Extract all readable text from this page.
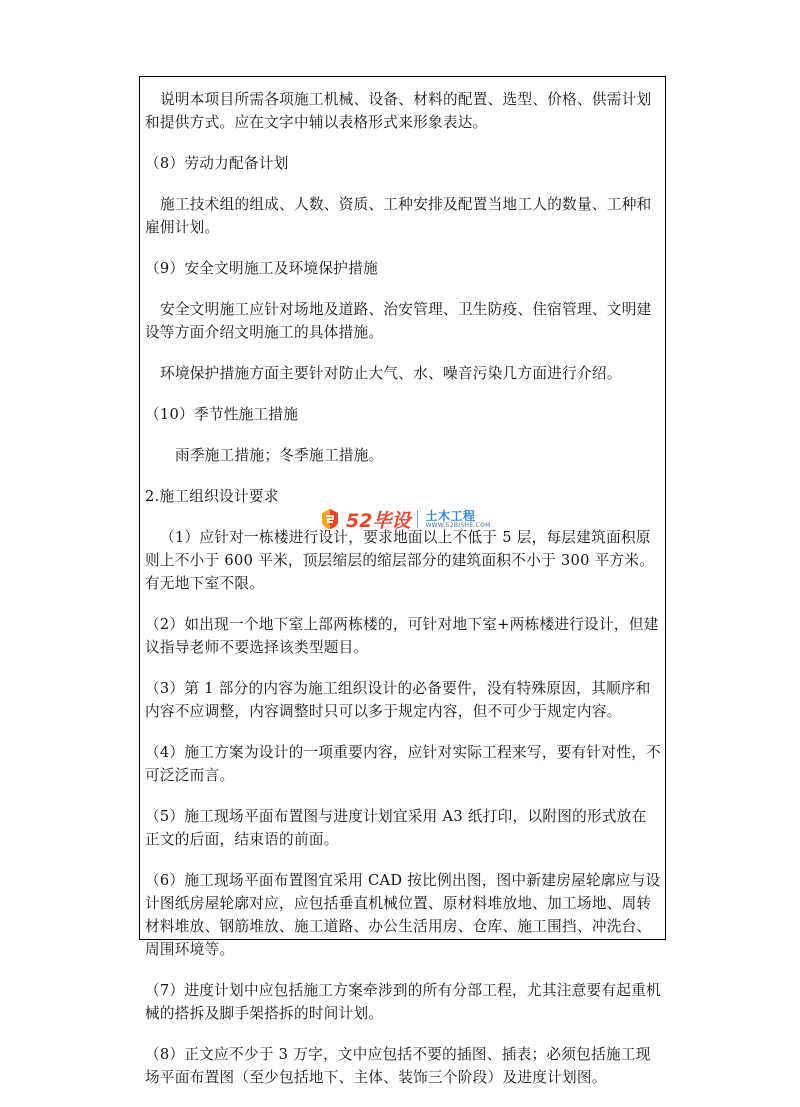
说明本项目所需各项施工机械、设备、材料的配置、选型、价格、供需计划和提供方式。应在文字中辅以表格形式来形象表达。

（8）劳动力配备计划

施工技术组的组成、人数、资质、工种安排及配置当地工人的数量、工种和雇佣计划。

（9）安全文明施工及环境保护措施

安全文明施工应针对场地及道路、治安管理、卫生防疫、住宿管理、文明建设等方面介绍文明施工的具体措施。

环境保护措施方面主要针对防止大气、水、噪音污染几方面进行介绍。

（10）季节性施工措施

雨季施工措施；冬季施工措施。

2.施工组织设计要求

（1）应针对一栋楼进行设计，要求地面以上不低于 5 层，每层建筑面积原则上不小于 600 平米，顶层缩层的缩层部分的建筑面积不小于 300 平方米。有无地下室不限。

（2）如出现一个地下室上部两栋楼的，可针对地下室+两栋楼进行设计，但建议指导老师不要选择该类型题目。

（3）第 1 部分的内容为施工组织设计的必备要件，没有特殊原因，其顺序和内容不应调整，内容调整时只可以多于规定内容，但不可少于规定内容。

（4）施工方案为设计的一项重要内容，应针对实际工程来写，要有针对性，不可泛泛而言。

（5）施工现场平面布置图与进度计划宜采用 A3 纸打印，以附图的形式放在正文的后面，结束语的前面。

（6）施工现场平面布置图宜采用 CAD 按比例出图，图中新建房屋轮廓应与设计图纸房屋轮廓对应，应包括垂直机械位置、原材料堆放地、加工场地、周转材料堆放、钢筋堆放、施工道路、办公生活用房、仓库、施工围挡、冲洗台、周围环境等。

（7）进度计划中应包括施工方案牵涉到的所有分部工程，尤其注意要有起重机械的搭拆及脚手架搭拆的时间计划。

（8）正文应不少于 3 万字，文中应包括不要的插图、插表；必须包括施工现场平面布置图（至少包括地下、主体、装饰三个阶段）及进度计划图。

52毕设 土木工程
WWW.52BISHE.COM
